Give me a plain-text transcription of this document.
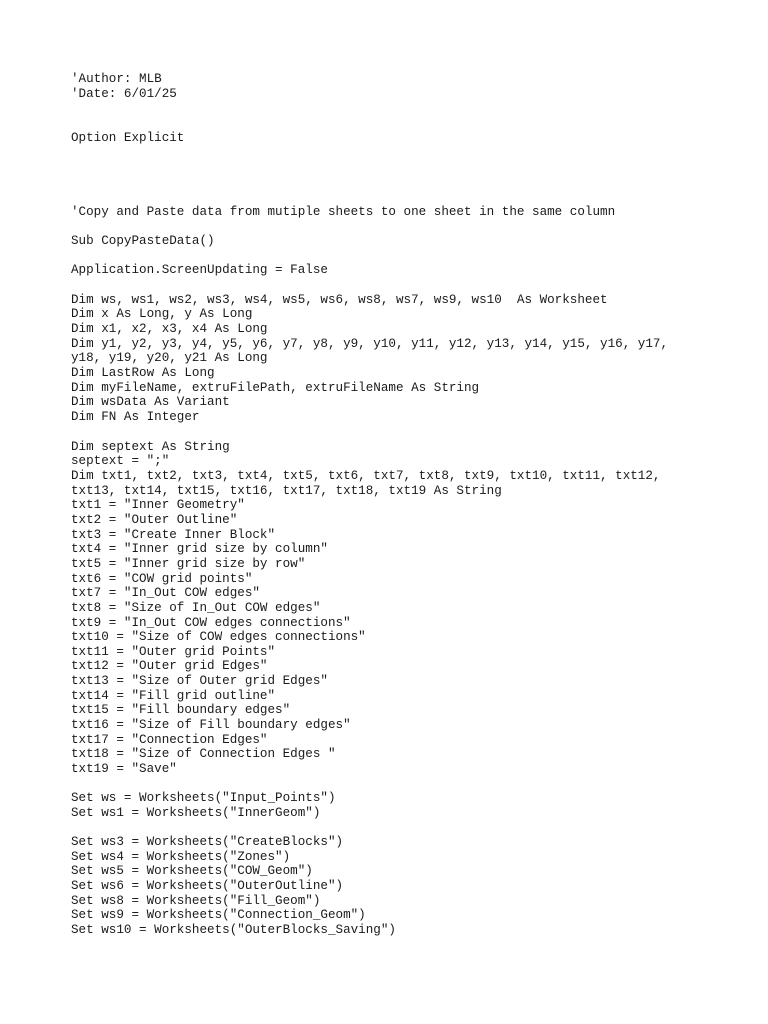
'Author: MLB
'Date: 6/01/25
Option Explicit
'Copy and Paste data from mutiple sheets to one sheet in the same column
Sub CopyPasteData()
Application.ScreenUpdating = False
Dim ws, ws1, ws2, ws3, ws4, ws5, ws6, ws8, ws7, ws9, ws10  As Worksheet
Dim x As Long, y As Long
Dim x1, x2, x3, x4 As Long
Dim y1, y2, y3, y4, y5, y6, y7, y8, y9, y10, y11, y12, y13, y14, y15, y16, y17,
y18, y19, y20, y21 As Long
Dim LastRow As Long
Dim myFileName, extruFilePath, extruFileName As String
Dim wsData As Variant
Dim FN As Integer
Dim septext As String
septext = ";"
Dim txt1, txt2, txt3, txt4, txt5, txt6, txt7, txt8, txt9, txt10, txt11, txt12,
txt13, txt14, txt15, txt16, txt17, txt18, txt19 As String
txt1 = "Inner Geometry"
txt2 = "Outer Outline"
txt3 = "Create Inner Block"
txt4 = "Inner grid size by column"
txt5 = "Inner grid size by row"
txt6 = "COW grid points"
txt7 = "In_Out COW edges"
txt8 = "Size of In_Out COW edges"
txt9 = "In_Out COW edges connections"
txt10 = "Size of COW edges connections"
txt11 = "Outer grid Points"
txt12 = "Outer grid Edges"
txt13 = "Size of Outer grid Edges"
txt14 = "Fill grid outline"
txt15 = "Fill boundary edges"
txt16 = "Size of Fill boundary edges"
txt17 = "Connection Edges"
txt18 = "Size of Connection Edges "
txt19 = "Save"
Set ws = Worksheets("Input_Points")
Set ws1 = Worksheets("InnerGeom")
Set ws3 = Worksheets("CreateBlocks")
Set ws4 = Worksheets("Zones")
Set ws5 = Worksheets("COW_Geom")
Set ws6 = Worksheets("OuterOutline")
Set ws8 = Worksheets("Fill_Geom")
Set ws9 = Worksheets("Connection_Geom")
Set ws10 = Worksheets("OuterBlocks_Saving")
